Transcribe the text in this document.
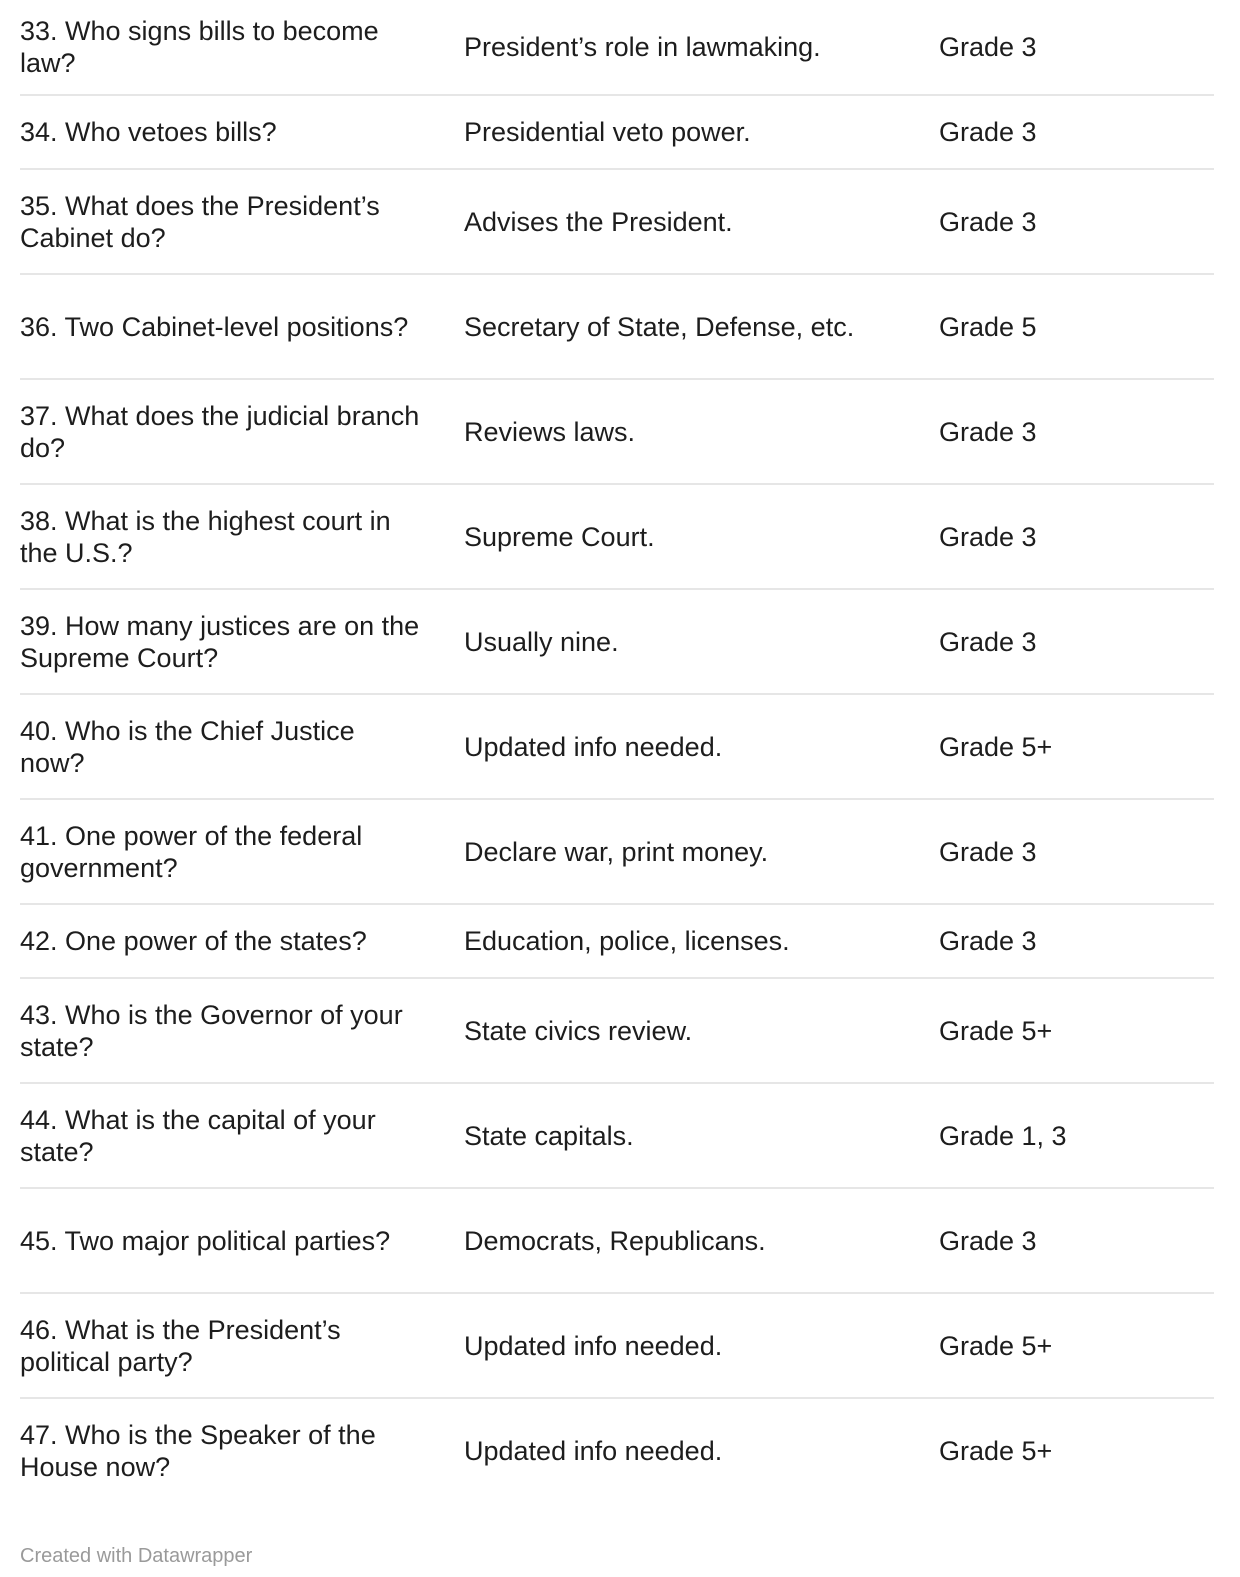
33. Who signs bills to become law?	President’s role in lawmaking.	Grade 3

34. Who vetoes bills?	Presidential veto power.	Grade 3

35. What does the President’s Cabinet do?	Advises the President.	Grade 3

36. Two Cabinet-level positions?	Secretary of State, Defense, etc.	Grade 5

37. What does the judicial branch do?	Reviews laws.	Grade 3

38. What is the highest court in the U.S.?	Supreme Court.	Grade 3

39. How many justices are on the Supreme Court?	Usually nine.	Grade 3

40. Who is the Chief Justice now?	Updated info needed.	Grade 5+

41. One power of the federal government?	Declare war, print money.	Grade 3

42. One power of the states?	Education, police, licenses.	Grade 3

43. Who is the Governor of your state?	State civics review.	Grade 5+

44. What is the capital of your state?	State capitals.	Grade 1, 3

45. Two major political parties?	Democrats, Republicans.	Grade 3

46. What is the President’s political party?	Updated info needed.	Grade 5+

47. Who is the Speaker of the House now?	Updated info needed.	Grade 5+
Created with Datawrapper
